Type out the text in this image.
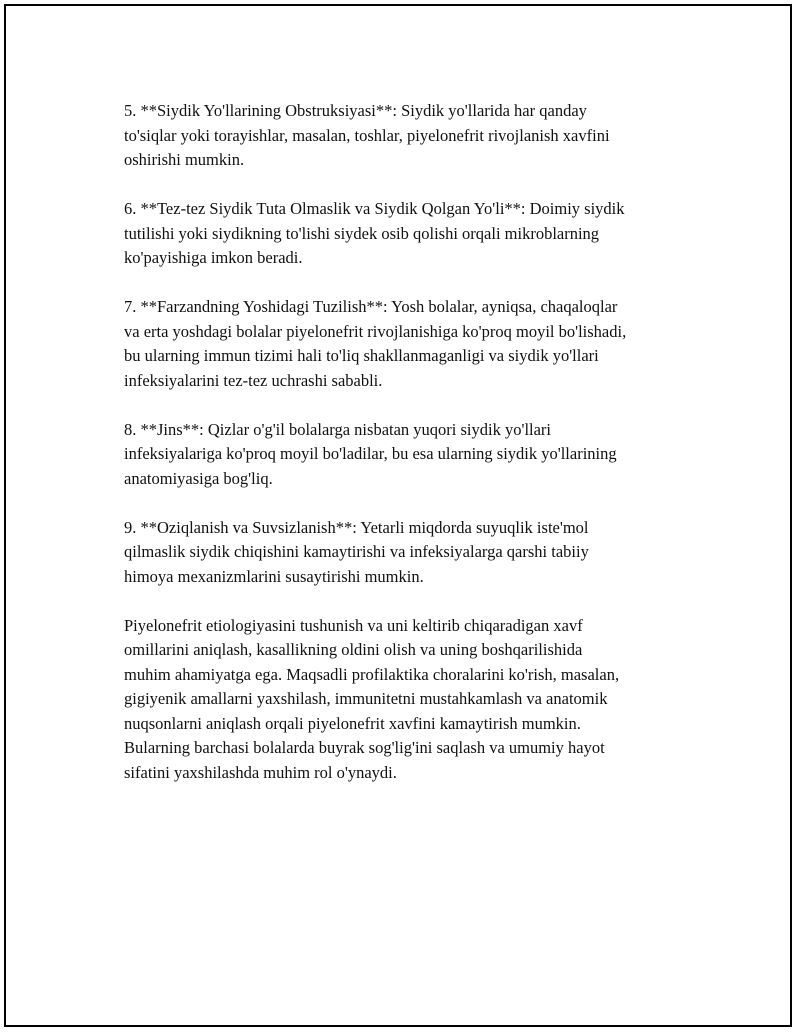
5. **Siydik Yo'llarining Obstruksiyasi**: Siydik yo'llarida har qanday
to'siqlar yoki torayishlar, masalan, toshlar, piyelonefrit rivojlanish xavfini
oshirishi mumkin.

6. **Tez-tez Siydik Tuta Olmaslik va Siydik Qolgan Yo'li**: Doimiy siydik
tutilishi yoki siydikning to'lishi siydek osib qolishi orqali mikroblarning
ko'payishiga imkon beradi.

7. **Farzandning Yoshidagi Tuzilish**: Yosh bolalar, ayniqsa, chaqaloqlar
va erta yoshdagi bolalar piyelonefrit rivojlanishiga ko'proq moyil bo'lishadi,
bu ularning immun tizimi hali to'liq shakllanmaganligi va siydik yo'llari
infeksiyalarini tez-tez uchrashi sababli.

8. **Jins**: Qizlar o'g'il bolalarga nisbatan yuqori siydik yo'llari
infeksiyalariga ko'proq moyil bo'ladilar, bu esa ularning siydik yo'llarining
anatomiyasiga bog'liq.

9. **Oziqlanish va Suvsizlanish**: Yetarli miqdorda suyuqlik iste'mol
qilmaslik siydik chiqishini kamaytirishi va infeksiyalarga qarshi tabiiy
himoya mexanizmlarini susaytirishi mumkin.

Piyelonefrit etiologiyasini tushunish va uni keltirib chiqaradigan xavf
omillarini aniqlash, kasallikning oldini olish va uning boshqarilishida
muhim ahamiyatga ega. Maqsadli profilaktika choralarini ko'rish, masalan,
gigiyenik amallarni yaxshilash, immunitetni mustahkamlash va anatomik
nuqsonlarni aniqlash orqali piyelonefrit xavfini kamaytirish mumkin.
Bularning barchasi bolalarda buyrak sog'lig'ini saqlash va umumiy hayot
sifatini yaxshilashda muhim rol o'ynaydi.
